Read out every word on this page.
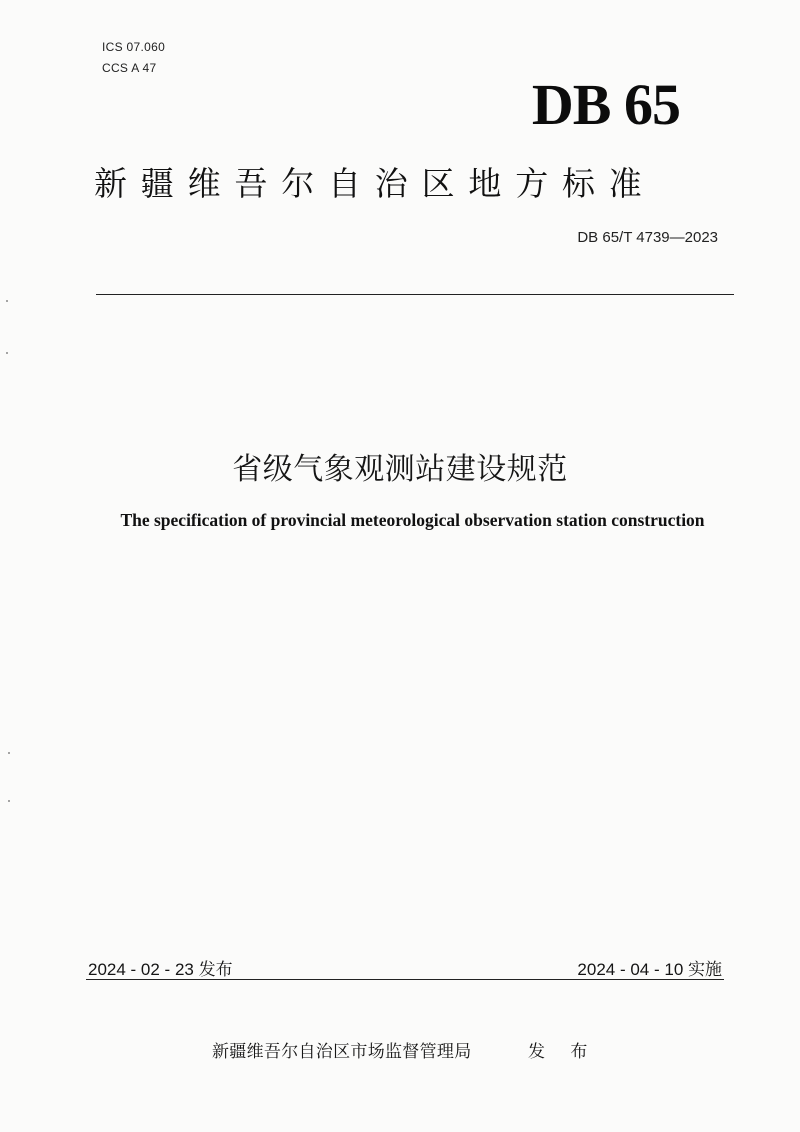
ICS 07.060
CCS A 47
DB 65
新疆维吾尔自治区地方标准
DB 65/T 4739—2023
省级气象观测站建设规范
The specification of provincial meteorological observation station construction
2024 - 02 - 23 发布	2024 - 04 - 10 实施
新疆维吾尔自治区市场监督管理局	发 布
